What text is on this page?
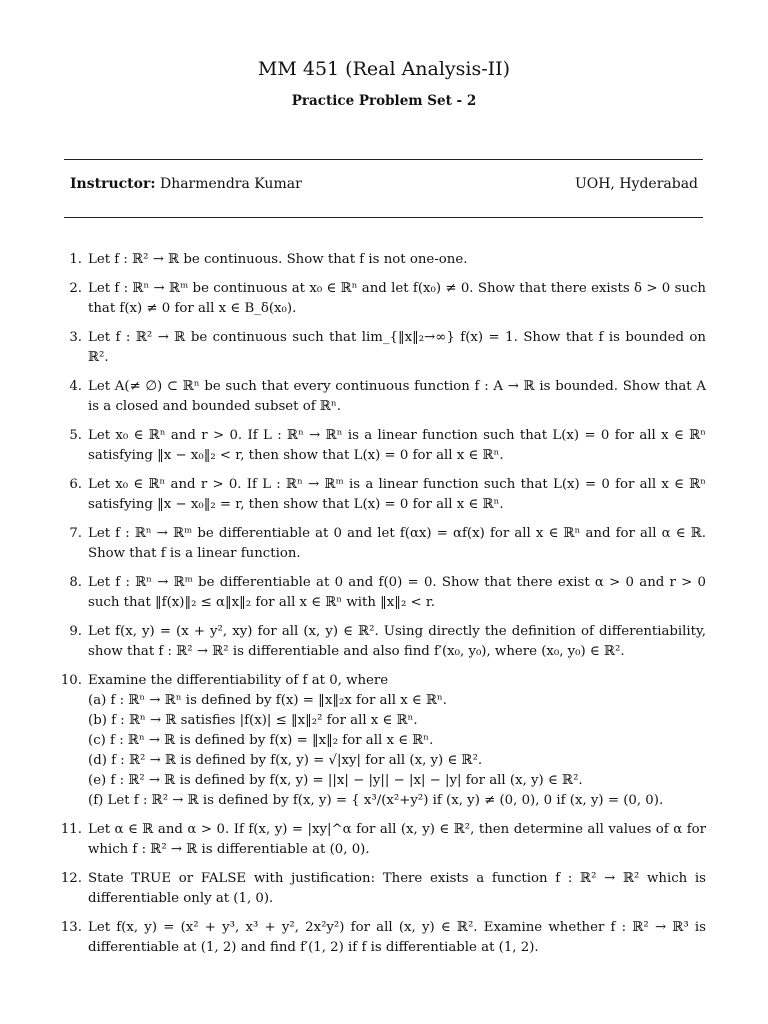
MM 451 (Real Analysis-II)
Practice Problem Set - 2
Instructor: Dharmendra Kumar	UOH, Hyderabad
1. Let f : ℝ² → ℝ be continuous. Show that f is not one-one.
2. Let f : ℝⁿ → ℝᵐ be continuous at x₀ ∈ ℝⁿ and let f(x₀) ≠ 0. Show that there exists δ > 0 such that f(x) ≠ 0 for all x ∈ B_δ(x₀).
3. Let f : ℝ² → ℝ be continuous such that lim_{‖x‖₂→∞} f(x) = 1. Show that f is bounded on ℝ².
4. Let A(≠ ∅) ⊂ ℝⁿ be such that every continuous function f : A → ℝ is bounded. Show that A is a closed and bounded subset of ℝⁿ.
5. Let x₀ ∈ ℝⁿ and r > 0. If L : ℝⁿ → ℝⁿ is a linear function such that L(x) = 0 for all x ∈ ℝⁿ satisfying ‖x − x₀‖₂ < r, then show that L(x) = 0 for all x ∈ ℝⁿ.
6. Let x₀ ∈ ℝⁿ and r > 0. If L : ℝⁿ → ℝᵐ is a linear function such that L(x) = 0 for all x ∈ ℝⁿ satisfying ‖x − x₀‖₂ = r, then show that L(x) = 0 for all x ∈ ℝⁿ.
7. Let f : ℝⁿ → ℝᵐ be differentiable at 0 and let f(αx) = αf(x) for all x ∈ ℝⁿ and for all α ∈ ℝ. Show that f is a linear function.
8. Let f : ℝⁿ → ℝᵐ be differentiable at 0 and f(0) = 0. Show that there exist α > 0 and r > 0 such that ‖f(x)‖₂ ≤ α‖x‖₂ for all x ∈ ℝⁿ with ‖x‖₂ < r.
9. Let f(x, y) = (x + y², xy) for all (x, y) ∈ ℝ². Using directly the definition of differentiability, show that f : ℝ² → ℝ² is differentiable and also find f′(x₀, y₀), where (x₀, y₀) ∈ ℝ².
10. Examine the differentiability of f at 0, where
(a) f : ℝⁿ → ℝⁿ is defined by f(x) = ‖x‖₂x for all x ∈ ℝⁿ.
(b) f : ℝⁿ → ℝ satisfies |f(x)| ≤ ‖x‖₂² for all x ∈ ℝⁿ.
(c) f : ℝⁿ → ℝ is defined by f(x) = ‖x‖₂ for all x ∈ ℝⁿ.
(d) f : ℝ² → ℝ is defined by f(x, y) = √|xy| for all (x, y) ∈ ℝ².
(e) f : ℝ² → ℝ is defined by f(x, y) = ||x| − |y|| − |x| − |y| for all (x, y) ∈ ℝ².
(f) Let f : ℝ² → ℝ is defined by f(x, y) = { x³/(x²+y²) if (x, y) ≠ (0, 0), 0 if (x, y) = (0, 0).
11. Let α ∈ ℝ and α > 0. If f(x, y) = |xy|^α for all (x, y) ∈ ℝ², then determine all values of α for which f : ℝ² → ℝ is differentiable at (0, 0).
12. State TRUE or FALSE with justification: There exists a function f : ℝ² → ℝ² which is differentiable only at (1, 0).
13. Let f(x, y) = (x² + y³, x³ + y², 2x²y²) for all (x, y) ∈ ℝ². Examine whether f : ℝ² → ℝ³ is differentiable at (1, 2) and find f′(1, 2) if f is differentiable at (1, 2).
